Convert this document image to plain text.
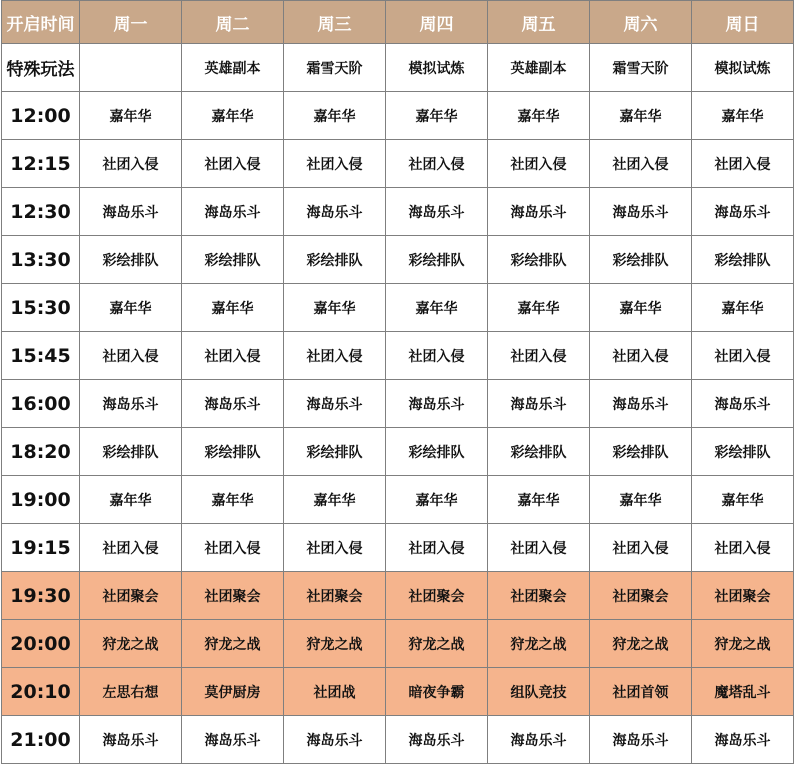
开启时间	周一	周二	周三	周四	周五	周六	周日
特殊玩法		英雄副本	霜雪天阶	模拟试炼	英雄副本	霜雪天阶	模拟试炼
12:00	嘉年华	嘉年华	嘉年华	嘉年华	嘉年华	嘉年华	嘉年华
12:15	社团入侵	社团入侵	社团入侵	社团入侵	社团入侵	社团入侵	社团入侵
12:30	海岛乐斗	海岛乐斗	海岛乐斗	海岛乐斗	海岛乐斗	海岛乐斗	海岛乐斗
13:30	彩绘排队	彩绘排队	彩绘排队	彩绘排队	彩绘排队	彩绘排队	彩绘排队
15:30	嘉年华	嘉年华	嘉年华	嘉年华	嘉年华	嘉年华	嘉年华
15:45	社团入侵	社团入侵	社团入侵	社团入侵	社团入侵	社团入侵	社团入侵
16:00	海岛乐斗	海岛乐斗	海岛乐斗	海岛乐斗	海岛乐斗	海岛乐斗	海岛乐斗
18:20	彩绘排队	彩绘排队	彩绘排队	彩绘排队	彩绘排队	彩绘排队	彩绘排队
19:00	嘉年华	嘉年华	嘉年华	嘉年华	嘉年华	嘉年华	嘉年华
19:15	社团入侵	社团入侵	社团入侵	社团入侵	社团入侵	社团入侵	社团入侵
19:30	社团聚会	社团聚会	社团聚会	社团聚会	社团聚会	社团聚会	社团聚会
20:00	狩龙之战	狩龙之战	狩龙之战	狩龙之战	狩龙之战	狩龙之战	狩龙之战
20:10	左思右想	莫伊厨房	社团战	暗夜争霸	组队竞技	社团首领	魔塔乱斗
21:00	海岛乐斗	海岛乐斗	海岛乐斗	海岛乐斗	海岛乐斗	海岛乐斗	海岛乐斗
